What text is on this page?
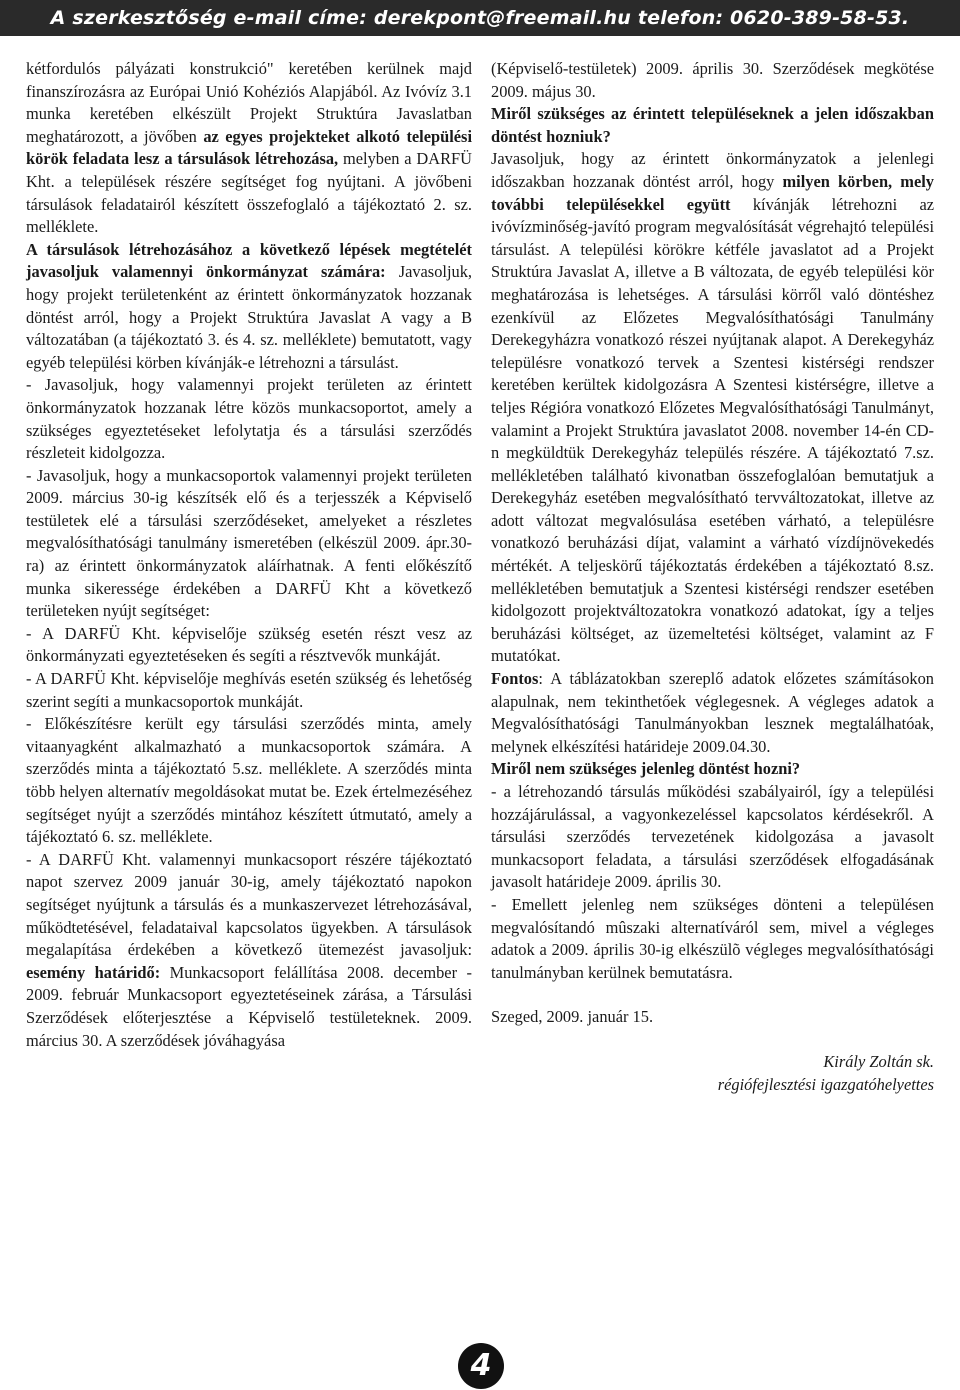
A szerkesztőség e-mail címe: derekpont@freemail.hu telefon: 0620-389-58-53.

kétfordulós pályázati konstrukció" keretében kerülnek majd finanszírozásra az Európai Unió Kohéziós Alapjából. Az Ivóvíz 3.1 munka keretében elkészült Projekt Struktúra Javaslatban meghatározott, a jövőben az egyes projekteket alkotó települési körök feladata lesz a társulások létrehozása, melyben a DARFÜ Kht. a települések részére segítséget fog nyújtani. A jövőbeni társulások feladatairól készített összefoglaló a tájékoztató 2. sz. melléklete.

A társulások létrehozásához a következő lépések megtételét javasoljuk valamennyi önkormányzat számára: Javasoljuk, hogy projekt területenként az érintett önkormányzatok hozzanak döntést arról, hogy a Projekt Struktúra Javaslat A vagy a B változatában (a tájékoztató 3. és 4. sz. melléklete) bemutatott, vagy egyéb települési körben kívánják-e létrehozni a társulást.

- Javasoljuk, hogy valamennyi projekt területen az érintett önkormányzatok hozzanak létre közös munkacsoportot, amely a szükséges egyeztetéseket lefolytatja és a társulási szerződés részleteit kidolgozza.

- Javasoljuk, hogy a munkacsoportok valamennyi projekt területen 2009. március 30-ig készítsék elő és a terjesszék a Képviselő testületek elé a társulási szerződéseket, amelyeket a részletes megvalósíthatósági tanulmány ismeretében (elkészül 2009. ápr.30-ra) az érintett önkormányzatok aláírhatnak. A fenti előkészítő munka sikeressége érdekében a DARFÜ Kht a következő területeken nyújt segítséget:

- A DARFÜ Kht. képviselője szükség esetén részt vesz az önkormányzati egyeztetéseken és segíti a résztvevők munkáját.

- A DARFÜ Kht. képviselője meghívás esetén szükség és lehetőség szerint segíti a munkacsoportok munkáját.

- Előkészítésre került egy társulási szerződés minta, amely vitaanyagként alkalmazható a munkacsoportok számára. A szerződés minta a tájékoztató 5.sz. melléklete. A szerződés minta több helyen alternatív megoldásokat mutat be. Ezek értelmezéséhez segítséget nyújt a szerződés mintához készített útmutató, amely a tájékoztató 6. sz. melléklete.

- A DARFÜ Kht. valamennyi munkacsoport részére tájékoztató napot szervez 2009 január 30-ig, amely tájékoztató napokon segítséget nyújtunk a társulás és a munkaszervezet létrehozásával, működtetésével, feladataival kapcsolatos ügyekben. A társulások megalapítása érdekében a következő ütemezést javasoljuk: esemény határidő: Munkacsoport felállítása 2008. december - 2009. február Munkacsoport egyeztetéseinek zárása, a Társulási Szerződések előterjesztése a Képviselő testületeknek. 2009. március 30. A szerződések jóváhagyása

(Képviselő-testületek) 2009. április 30. Szerződések megkötése 2009. május 30.

Miről szükséges az érintett településeknek a jelen időszakban döntést hozniuk?

Javasoljuk, hogy az érintett önkormányzatok a jelenlegi időszakban hozzanak döntést arról, hogy milyen körben, mely további településekkel együtt kívánják létrehozni az ivóvízminőség-javító program megvalósítását végrehajtó települési társulást. A települési körökre kétféle javaslatot ad a Projekt Struktúra Javaslat A, illetve a B változata, de egyéb települési kör meghatározása is lehetséges. A társulási körről való döntéshez ezenkívül az Előzetes Megvalósíthatósági Tanulmány Derekegyházra vonatkozó részei nyújtanak alapot. A Derekegyház településre vonatkozó tervek a Szentesi kistérségi rendszer keretében kerültek kidolgozásra A Szentesi kistérségre, illetve a teljes Régióra vonatkozó Előzetes Megvalósíthatósági Tanulmányt, valamint a Projekt Struktúra javaslatot 2008. november 14-én CD-n megküldtük Derekegyház település részére. A tájékoztató 7.sz. mellékletében található kivonatban összefoglalóan bemutatjuk a Derekegyház esetében megvalósítható tervváltozatokat, illetve az adott változat megvalósulása esetében várható, a településre vonatkozó beruházási díjat, valamint a várható vízdíjnövekedés mértékét. A teljeskörű tájékoztatás érdekében a tájékoztató 8.sz. mellékletében bemutatjuk a Szentesi kistérségi rendszer esetében kidolgozott projektváltozatokra vonatkozó adatokat, így a teljes beruházási költséget, az üzemeltetési költséget, valamint az F mutatókat.

Fontos: A táblázatokban szereplő adatok előzetes számításokon alapulnak, nem tekinthetőek véglegesnek. A végleges adatok a Megvalósíthatósági Tanulmányokban lesznek megtalálhatóak, melynek elkészítési határideje 2009.04.30.

Miről nem szükséges jelenleg döntést hozni?

- a létrehozandó társulás működési szabályairól, így a települési hozzájárulással, a vagyonkezeléssel kapcsolatos kérdésekről. A társulási szerződés tervezetének kidolgozása a javasolt munkacsoport feladata, a társulási szerződések elfogadásának javasolt határideje 2009. április 30.

- Emellett jelenleg nem szükséges dönteni a településen megvalósítandó mûszaki alternatíváról sem, mivel a végleges adatok a 2009. április 30-ig elkészülõ végleges megvalósíthatósági tanulmányban kerülnek bemutatásra.

Szeged, 2009. január 15.

Király Zoltán sk.

régiófejlesztési igazgatóhelyettes

4
